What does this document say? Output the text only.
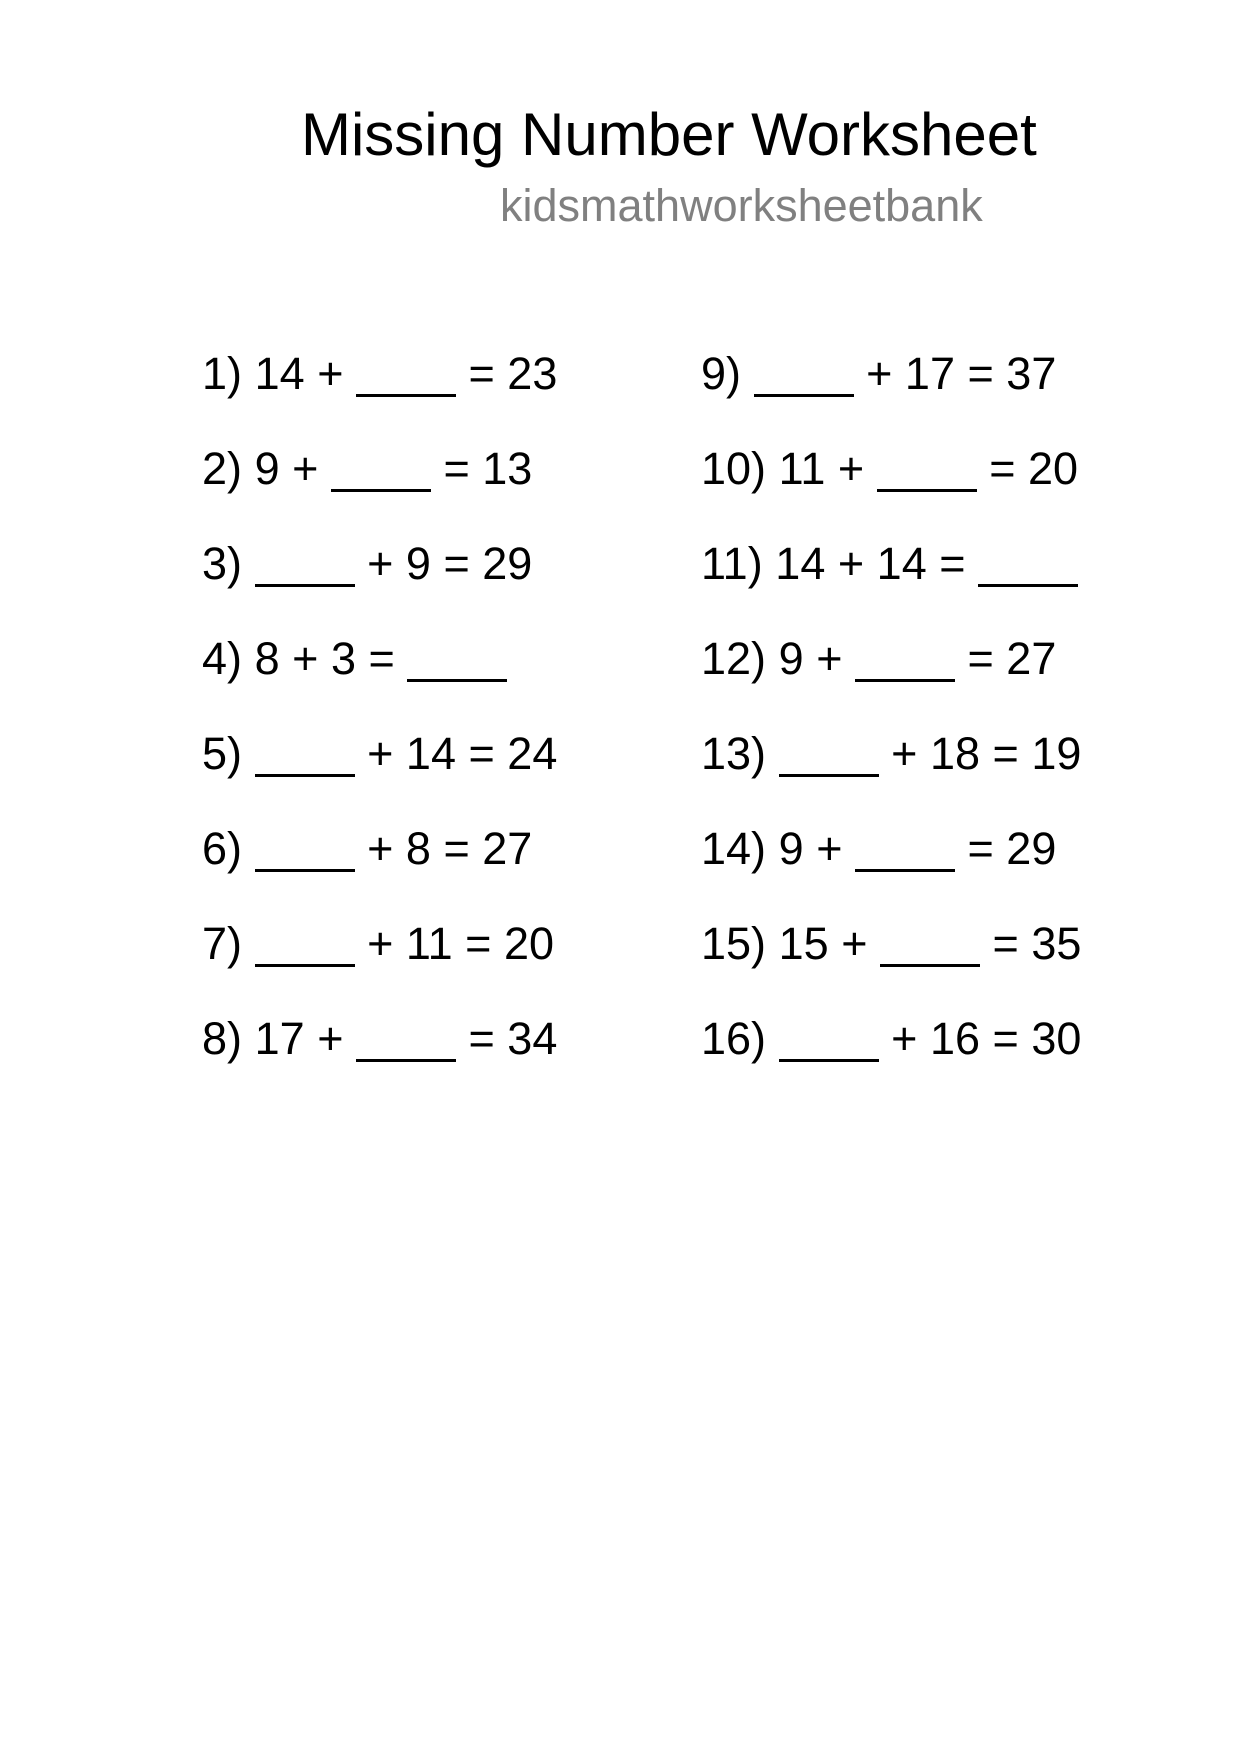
Missing Number Worksheet
kidsmathworksheetbank
1) 14 +	= 23
2) 9 +	= 13
3)	+ 9 = 29
4) 8 + 3 =
5)	+ 14 = 24
6)	+ 8 = 27
7)	+ 11 = 20
8) 17 +	= 34
9)	+ 17 = 37
10) 11 +	= 20
11) 14 + 14 =
12) 9 +	= 27
13)	+ 18 = 19
14) 9 +	= 29
15) 15 +	= 35
16)	+ 16 = 30
